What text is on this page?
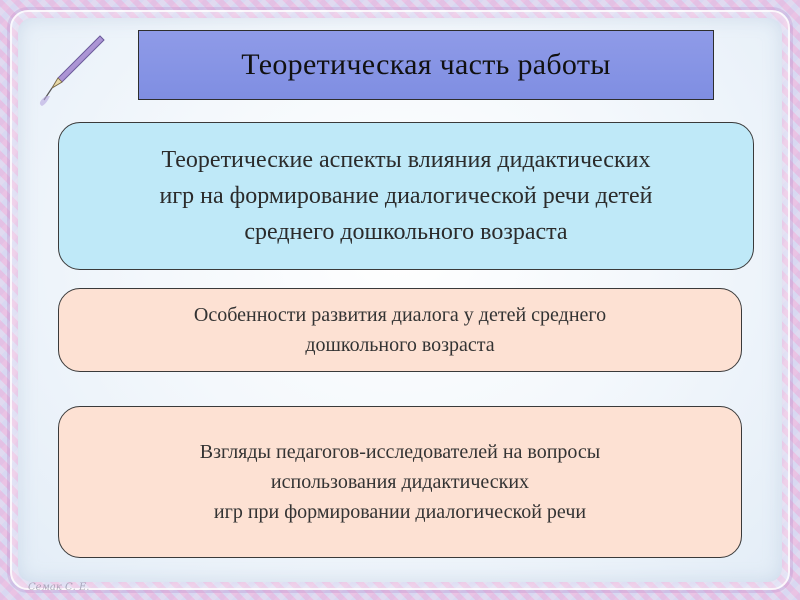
Теоретическая часть работы
Теоретические аспекты влияния дидактических
игр на формирование диалогической речи детей
среднего дошкольного возраста
Особенности развития диалога у детей среднего
дошкольного возраста
Взгляды педагогов-исследователей на вопросы
использования дидактических
игр при формировании диалогической речи
Семак С. Е.
